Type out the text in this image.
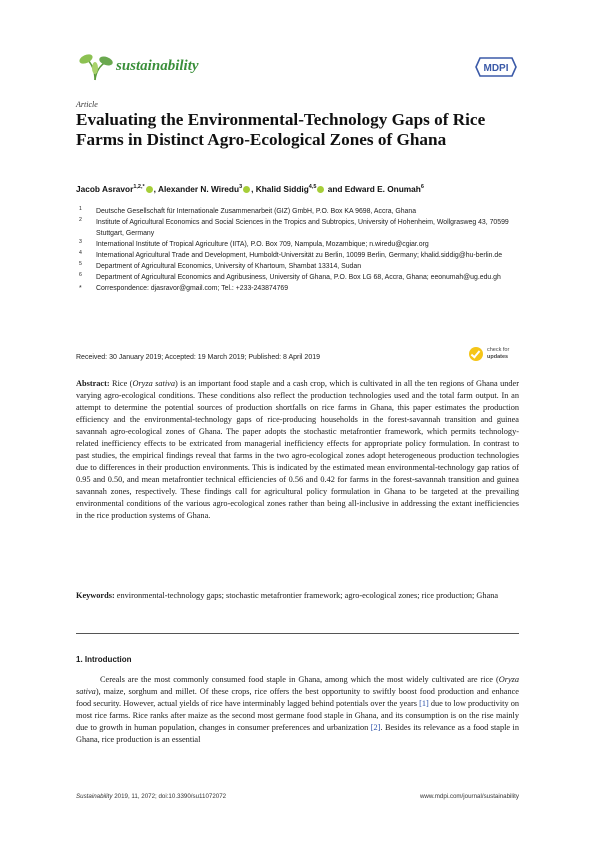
sustainability	MDPI
Article
Evaluating the Environmental-Technology Gaps of Rice Farms in Distinct Agro-Ecological Zones of Ghana
Jacob Asravor$^{1,2,*}$ , Alexander N. Wiredu$^3$ , Khalid Siddig$^{4,5}$ and Edward E. Onumah$^6$
1 Deutsche Gesellschaft für Internationale Zusammenarbeit (GIZ) GmbH, P.O. Box KA 9698, Accra, Ghana
2 Institute of Agricultural Economics and Social Sciences in the Tropics and Subtropics, University of Hohenheim, Wollgrasweg 43, 70599 Stuttgart, Germany
3 International Institute of Tropical Agriculture (IITA), P.O. Box 709, Nampula, Mozambique; n.wiredu@cgiar.org
4 International Agricultural Trade and Development, Humboldt-Universität zu Berlin, 10099 Berlin, Germany; khalid.siddig@hu-berlin.de
5 Department of Agricultural Economics, University of Khartoum, Shambat 13314, Sudan
6 Department of Agricultural Economics and Agribusiness, University of Ghana, P.O. Box LG 68, Accra, Ghana; eeonumah@ug.edu.gh
* Correspondence: djasravor@gmail.com; Tel.: +233-243874769
Received: 30 January 2019; Accepted: 19 March 2019; Published: 8 April 2019
check for
updates
Abstract: Rice (Oryza sativa) is an important food staple and a cash crop, which is cultivated in all the ten regions of Ghana under varying agro-ecological conditions. These conditions also reflect the production technologies used and the total farm output. In an attempt to determine the potential sources of production shortfalls on rice farms in Ghana, this paper estimates the production efficiency and the environmental-technology gaps of rice-producing households in the forest-savannah transition and guinea savannah agro-ecological zones of Ghana. The paper adopts the stochastic metafrontier framework, which permits technology-related inefficiency effects to be extricated from managerial inefficiency effects for appropriate policy formulation. In contrast to past studies, the empirical findings reveal that farms in the two agro-ecological zones adopt heterogeneous production technologies due to differences in their production environments. This is indicated by the estimated mean environmental-technology gap ratios of 0.95 and 0.50, and mean metafrontier technical efficiencies of 0.56 and 0.42 for farms in the forest-savannah transition and guinea savannah zones, respectively. These findings call for agricultural policy formulation in Ghana to be targeted at the prevailing environmental conditions of the various agro-ecological zones rather than being all-inclusive in addressing the extant inefficiencies in the rice production systems of Ghana.
Keywords: environmental-technology gaps; stochastic metafrontier framework; agro-ecological zones; rice production; Ghana
1. Introduction
Cereals are the most commonly consumed food staple in Ghana, among which the most widely cultivated are rice (Oryza sativa), maize, sorghum and millet. Of these crops, rice offers the best opportunity to swiftly boost food production and enhance food security. However, actual yields of rice have interminably lagged behind potentials over the years [1] due to low productivity on most rice farms. Rice ranks after maize as the second most germane food staple in Ghana, and its consumption is on the rise mainly due to growth in human population, changes in consumer preferences and urbanization [2]. Besides its relevance as a food staple in Ghana, rice production is an essential
Sustainability 2019, 11, 2072; doi:10.3390/su11072072	www.mdpi.com/journal/sustainability
